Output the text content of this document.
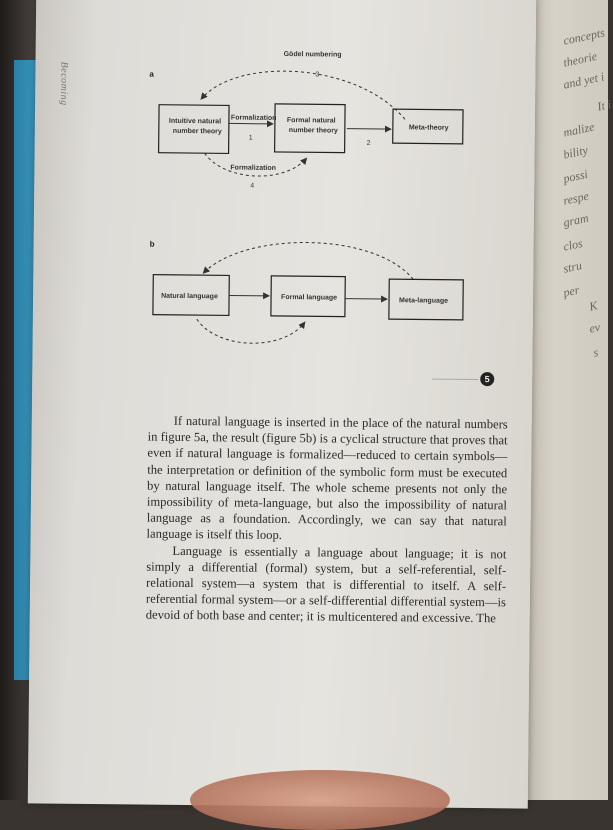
concepts
theorie
and yet i
It i
malize
bility
possi
respe
gram
clos
stru
per
K
ev
s
Becoming	a
Gödel numbering
3
Intuitive natural
number theory
Formalization
1
Formal natural
number theory
2
Meta-theory
Formalization
4
b
Natural language	Formal language	Meta-language
5

If natural language is inserted in the place of the natural numbers in figure 5a, the result (figure 5b) is a cyclical structure that proves that even if natural language is formalized—reduced to certain symbols—the interpretation or definition of the symbolic form must be executed by natural language itself. The whole scheme presents not only the impossibility of meta-language, but also the impossibility of natural language as a foundation. Accordingly, we can say that natural language is itself this loop.

Language is essentially a language about language; it is not simply a differential (formal) system, but a self-referential, self-relational system—a system that is differential to itself. A self-referential formal system—or a self-differential differential system—is devoid of both base and center; it is multicentered and excessive. The
